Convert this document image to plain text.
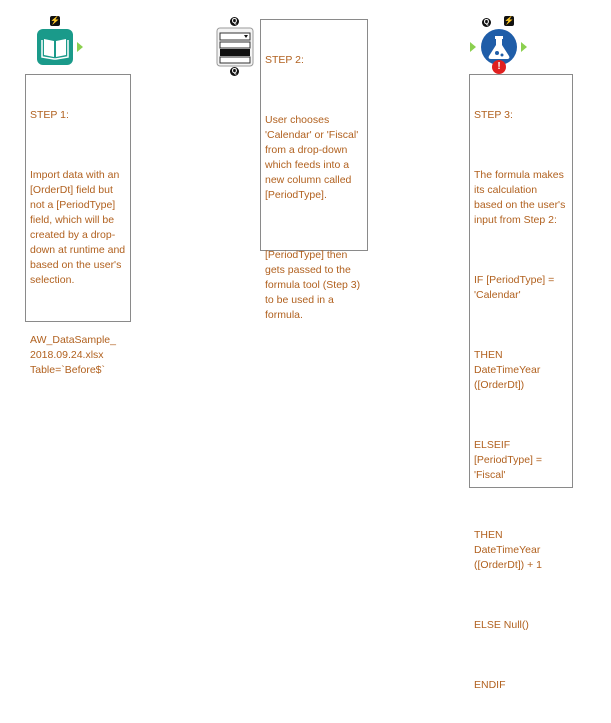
⚡	Q
Q
Q ⚡
!

STEP 1:

Import data with an [OrderDt] field but not a [PeriodType] field, which will be created by a drop-down at runtime and based on the user's selection.

AW_DataSample_
2018.09.24.xlsx
Table=`Before$`

STEP 2:

User chooses 'Calendar' or 'Fiscal' from a drop-down which feeds into a new column called [PeriodType].

[PeriodType] then gets passed to the formula tool (Step 3) to be used in a formula.

STEP 3:

The formula makes its calculation based on the user's input from Step 2:

IF [PeriodType] =
'Calendar'

THEN
DateTimeYear
([OrderDt])

ELSEIF
[PeriodType] =
'Fiscal'

THEN
DateTimeYear
([OrderDt]) + 1

ELSE Null()

ENDIF
